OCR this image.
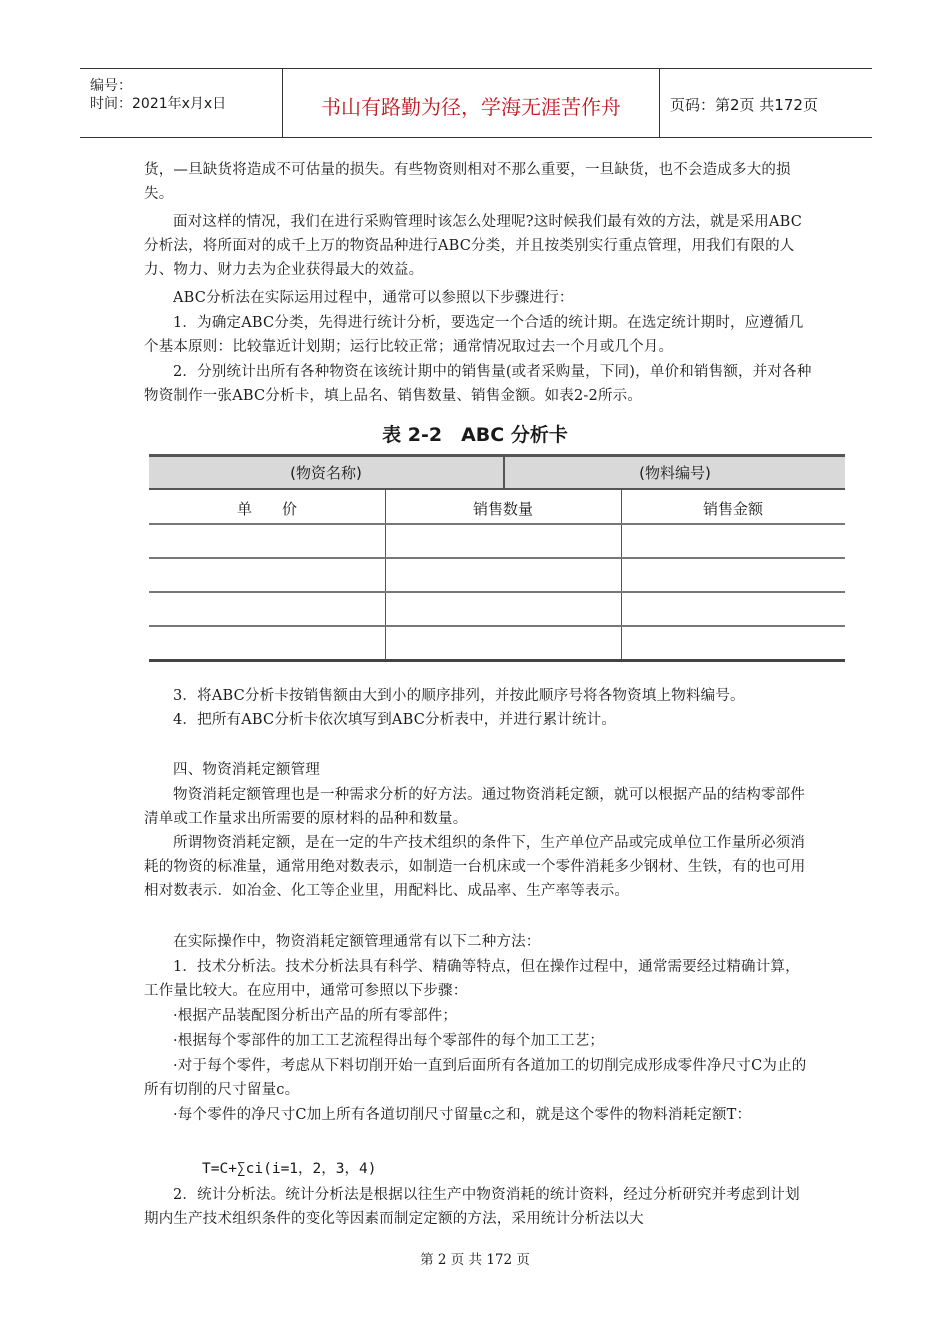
编号：
时间：2021年x月x日	书山有路勤为径，学海无涯苦作舟	页码：第2页 共172页

货，—旦缺货将造成不可估量的损失。有些物资则相对不那么重要，一旦缺货，也不会造成多大的损失。

面对这样的情况，我们在进行采购管理时该怎么处理呢?这时候我们最有效的方法，就是采用ABC分析法，将所面对的成千上万的物资品种进行ABC分类，并且按类别实行重点管理，用我们有限的人力、物力、财力去为企业获得最大的效益。

ABC分析法在实际运用过程中，通常可以参照以下步骤进行：

1．为确定ABC分类，先得进行统计分析，要选定一个合适的统计期。在选定统计期时，应遵循几个基本原则：比较靠近计划期；运行比较正常；通常情况取过去一个月或几个月。

2．分别统计出所有各种物资在该统计期中的销售量(或者采购量，下同)，单价和销售额，并对各种物资制作一张ABC分析卡，填上品名、销售数量、销售金额。如表2-2所示。

表 2-2　ABC 分析卡
(物资名称)	(物料编号)
单　　价	销售数量	销售金额

3．将ABC分析卡按销售额由大到小的顺序排列，并按此顺序号将各物资填上物料编号。

4．把所有ABC分析卡依次填写到ABC分析表中，并进行累计统计。

四、物资消耗定额管理

物资消耗定额管理也是一种需求分析的好方法。通过物资消耗定额，就可以根据产品的结构零部件清单或工作量求出所需要的原材料的品种和数量。

所谓物资消耗定额，是在一定的牛产技术组织的条件下，生产单位产品或完成单位工作量所必须消耗的物资的标准量，通常用绝对数表示，如制造一台机床或一个零件消耗多少钢材、生铁，有的也可用相对数表示．如冶金、化工等企业里，用配料比、成品率、生产率等表示。

在实际操作中，物资消耗定额管理通常有以下二种方法：

1．技术分析法。技术分析法具有科学、精确等特点，但在操作过程中，通常需要经过精确计算，工作量比较大。在应用中，通常可参照以下步骤：

·根据产品装配图分析出产品的所有零部件；

·根据每个零部件的加工工艺流程得出每个零部件的每个加工工艺；

·对于每个零件，考虑从下料切削开始一直到后面所有各道加工的切削完成形成零件净尺寸C为止的所有切削的尺寸留量c。

·每个零件的净尺寸C加上所有各道切削尺寸留量c之和，就是这个零件的物料消耗定额T：

T=C+∑ci(i=1，2，3，4)

2．统计分析法。统计分析法是根据以往生产中物资消耗的统计资料，经过分析研究并考虑到计划期内生产技术组织条件的变化等因素而制定定额的方法，采用统计分析法以大

第 2 页 共 172 页
